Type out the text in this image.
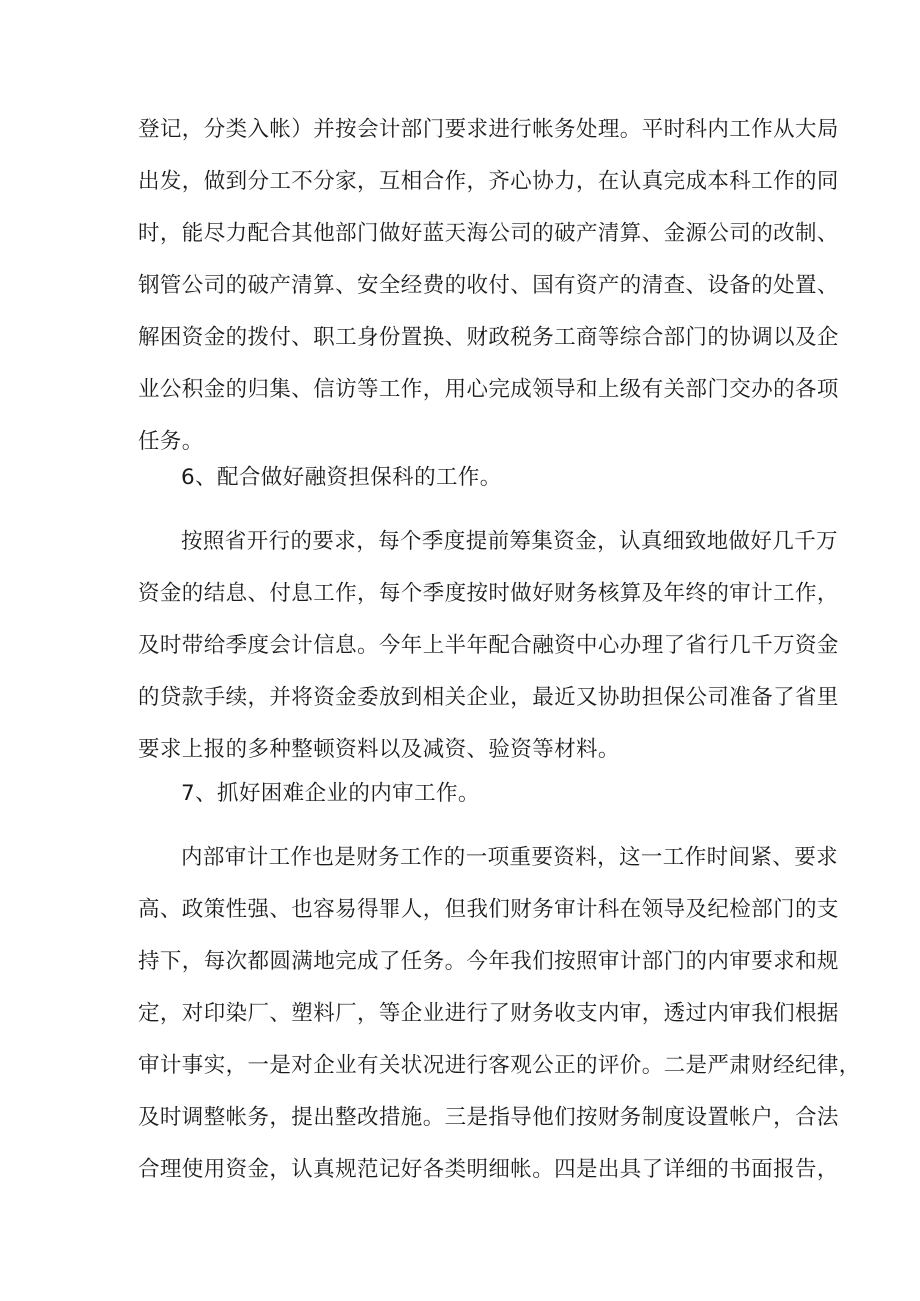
登记，分类入帐）并按会计部门要求进行帐务处理。平时科内工作从大局
出发，做到分工不分家，互相合作，齐心协力，在认真完成本科工作的同
时，能尽力配合其他部门做好蓝天海公司的破产清算、金源公司的改制、
钢管公司的破产清算、安全经费的收付、国有资产的清查、设备的处置、
解困资金的拨付、职工身份置换、财政税务工商等综合部门的协调以及企
业公积金的归集、信访等工作，用心完成领导和上级有关部门交办的各项
任务。
6、配合做好融资担保科的工作。
按照省开行的要求，每个季度提前筹集资金，认真细致地做好几千万
资金的结息、付息工作，每个季度按时做好财务核算及年终的审计工作，
及时带给季度会计信息。今年上半年配合融资中心办理了省行几千万资金
的贷款手续，并将资金委放到相关企业，最近又协助担保公司准备了省里
要求上报的多种整顿资料以及减资、验资等材料。
7、抓好困难企业的内审工作。
内部审计工作也是财务工作的一项重要资料，这一工作时间紧、要求
高、政策性强、也容易得罪人，但我们财务审计科在领导及纪检部门的支
持下，每次都圆满地完成了任务。今年我们按照审计部门的内审要求和规
定，对印染厂、塑料厂，等企业进行了财务收支内审，透过内审我们根据
审计事实，一是对企业有关状况进行客观公正的评价。二是严肃财经纪律，
及时调整帐务，提出整改措施。三是指导他们按财务制度设置帐户，合法
合理使用资金，认真规范记好各类明细帐。四是出具了详细的书面报告，
